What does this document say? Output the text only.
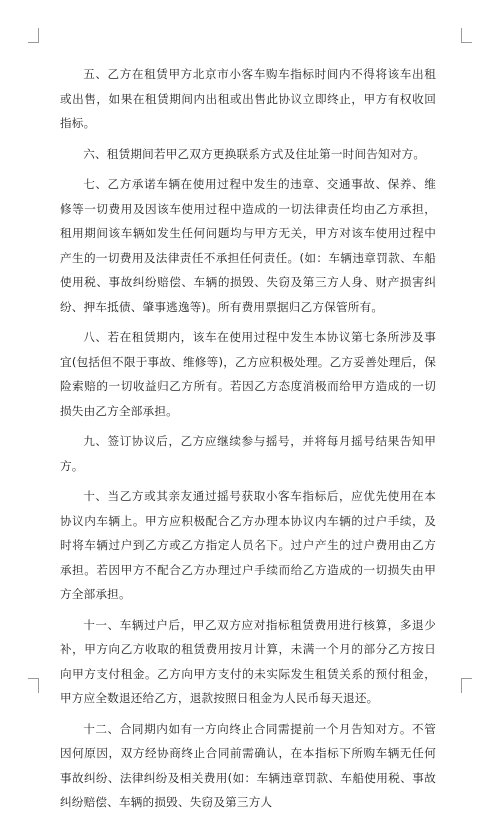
五、乙方在租赁甲方北京市小客车购车指标时间内不得将该车出租或出售，如果在租赁期间内出租或出售此协议立即终止，甲方有权收回指标。

六、租赁期间若甲乙双方更换联系方式及住址第一时间告知对方。

七、乙方承诺车辆在使用过程中发生的违章、交通事故、保养、维修等一切费用及因该车使用过程中造成的一切法律责任均由乙方承担，租用期间该车辆如发生任何问题均与甲方无关，甲方对该车使用过程中产生的一切费用及法律责任不承担任何责任。(如：车辆违章罚款、车船使用税、事故纠纷赔偿、车辆的损毁、失窃及第三方人身、财产损害纠纷、押车抵债、肇事逃逸等)。所有费用票据归乙方保管所有。

八、若在租赁期内，该车在使用过程中发生本协议第七条所涉及事宜(包括但不限于事故、维修等)，乙方应积极处理。乙方妥善处理后，保险索赔的一切收益归乙方所有。若因乙方态度消极而给甲方造成的一切损失由乙方全部承担。

九、签订协议后，乙方应继续参与摇号，并将每月摇号结果告知甲方。

十、当乙方或其亲友通过摇号获取小客车指标后，应优先使用在本协议内车辆上。甲方应积极配合乙方办理本协议内车辆的过户手续，及时将车辆过户到乙方或乙方指定人员名下。过户产生的过户费用由乙方承担。若因甲方不配合乙方办理过户手续而给乙方造成的一切损失由甲方全部承担。

十一、车辆过户后，甲乙双方应对指标租赁费用进行核算，多退少补，甲方向乙方收取的租赁费用按月计算，未满一个月的部分乙方按日向甲方支付租金。乙方向甲方支付的未实际发生租赁关系的预付租金，甲方应全数退还给乙方，退款按照日租金为人民币每天退还。

十二、合同期内如有一方向终止合同需提前一个月告知对方。不管因何原因，双方经协商终止合同前需确认，在本指标下所购车辆无任何事故纠纷、法律纠纷及相关费用(如：车辆违章罚款、车船使用税、事故纠纷赔偿、车辆的损毁、失窃及第三方人
